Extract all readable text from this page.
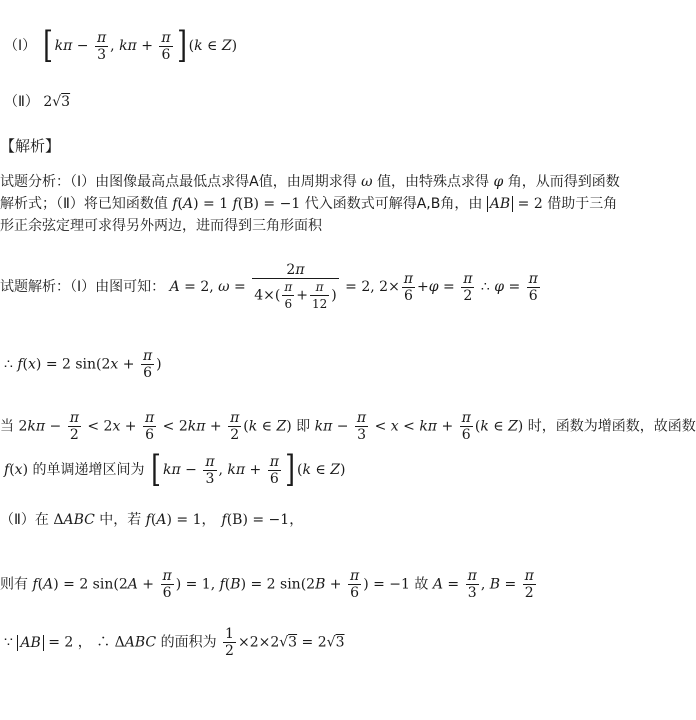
（Ⅰ） [ $k\pi - \frac{\pi}{3}$ , $k\pi + \frac{\pi}{6}$ ] (k ∈ Z)
（Ⅱ） 2√3
【解析】
试题分析：（Ⅰ）由图像最高点最低点求得A值，由周期求得 ω 值，由特殊点求得 φ 角，从而得到函数
解析式；（Ⅱ）将已知函数值 f(A) = 1 f(B) = −1 代入函数式可解得A,B角，由 AB = 2 借助于三角
形正余弦定理可求得另外两边，进而得到三角形面积
试题解析：（Ⅰ）由图可知： A = 2, $\omega = \frac{2\pi}{4\times( \frac{\pi}{6} + \frac{\pi}{12} )} = 2$, $2\times \frac{\pi}{6} +\varphi = \frac{\pi}{2}$ ∴ $\varphi = \frac{\pi}{6}$
∴ f(x) = 2 $\sin(2x + \frac{\pi}{6}$ )
当 $2k\pi - \frac{\pi}{2} < 2x + \frac{\pi}{6} < 2k\pi + \frac{\pi}{2} (k$ ∈ Z) 即 $k\pi - \frac{\pi}{3} < x < k\pi + \frac{\pi}{6} (k$ ∈ Z) 时，函数为增函数，故函数
f(x) 的单调递增区间为 [ $k\pi - \frac{\pi}{3}$ , $k\pi + \frac{\pi}{6}$ ] (k ∈ Z)
（Ⅱ）在 ΔABC 中，若 f(A) = 1， f(B) = −1，
则有 f(A) = 2 $\sin(2A + \frac{\pi}{6}$ ) = 1, f(B) = 2 $\sin(2B + \frac{\pi}{6}$ ) = −1 故 $A = \frac{\pi}{3}$ , $B = \frac{\pi}{2}$
∵ AB = 2 ， ∴ ΔABC 的面积为 $\frac{1}{2} \times 2\times 2√3 = 2√3$
